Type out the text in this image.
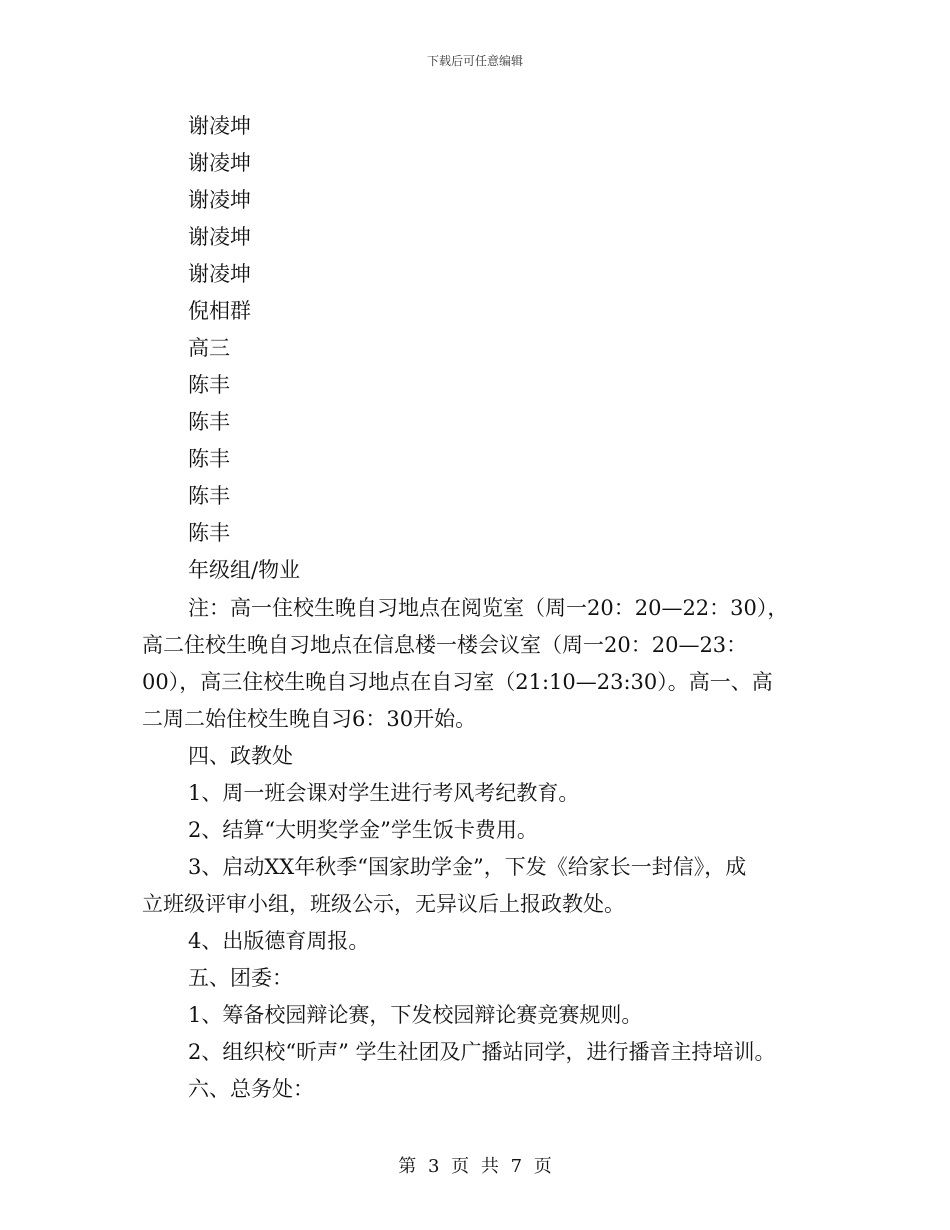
下载后可任意编辑
谢凌坤
谢凌坤
谢凌坤
谢凌坤
谢凌坤
倪相群
高三
陈丰
陈丰
陈丰
陈丰
陈丰
年级组/物业
注：高一住校生晚自习地点在阅览室（周一20：20—22：30），
高二住校生晚自习地点在信息楼一楼会议室（周一20：20—23：
00），高三住校生晚自习地点在自习室（21:10—23:30）。高一、高
二周二始住校生晚自习6：30开始。
四、政教处
1、周一班会课对学生进行考风考纪教育。
2、结算“大明奖学金”学生饭卡费用。
3、启动XX年秋季“国家助学金”，下发《给家长一封信》，成
立班级评审小组，班级公示，无异议后上报政教处。
4、出版德育周报。
五、团委：
1、筹备校园辩论赛，下发校园辩论赛竞赛规则。
2、组织校“昕声” 学生社团及广播站同学，进行播音主持培训。
六、总务处：
第 3 页 共 7 页
